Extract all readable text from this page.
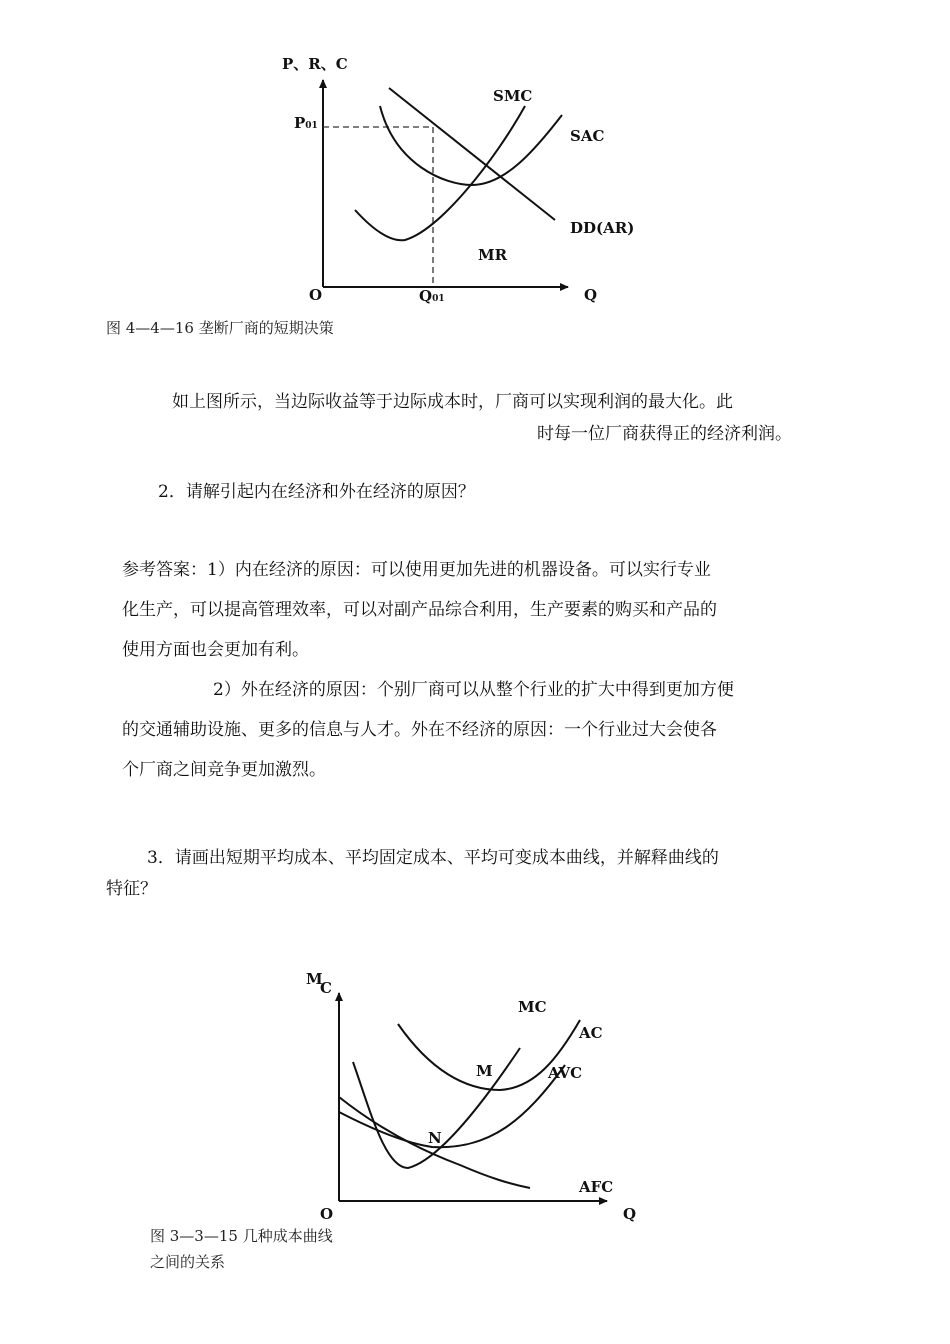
P、R、C
P01
SMC
SAC
DD(AR)
MR
O	Q01	Q
图 4—4—16 垄断厂商的短期决策
如上图所示，当边际收益等于边际成本时，厂商可以实现利润的最大化。此
时每一位厂商获得正的经济利润。
2．请解引起内在经济和外在经济的原因？
参考答案：1）内在经济的原因：可以使用更加先进的机器设备。可以实行专业
化生产，可以提高管理效率，可以对副产品综合利用，生产要素的购买和产品的
使用方面也会更加有利。
2）外在经济的原因：个别厂商可以从整个行业的扩大中得到更加方便
的交通辅助设施、更多的信息与人才。外在不经济的原因：一个行业过大会使各
个厂商之间竞争更加激烈。
3．请画出短期平均成本、平均固定成本、平均可变成本曲线，并解释曲线的
特征？
M
C
MC
AC
M	AVC
N
AFC
O	Q
图 3—3—15 几种成本曲线
之间的关系
